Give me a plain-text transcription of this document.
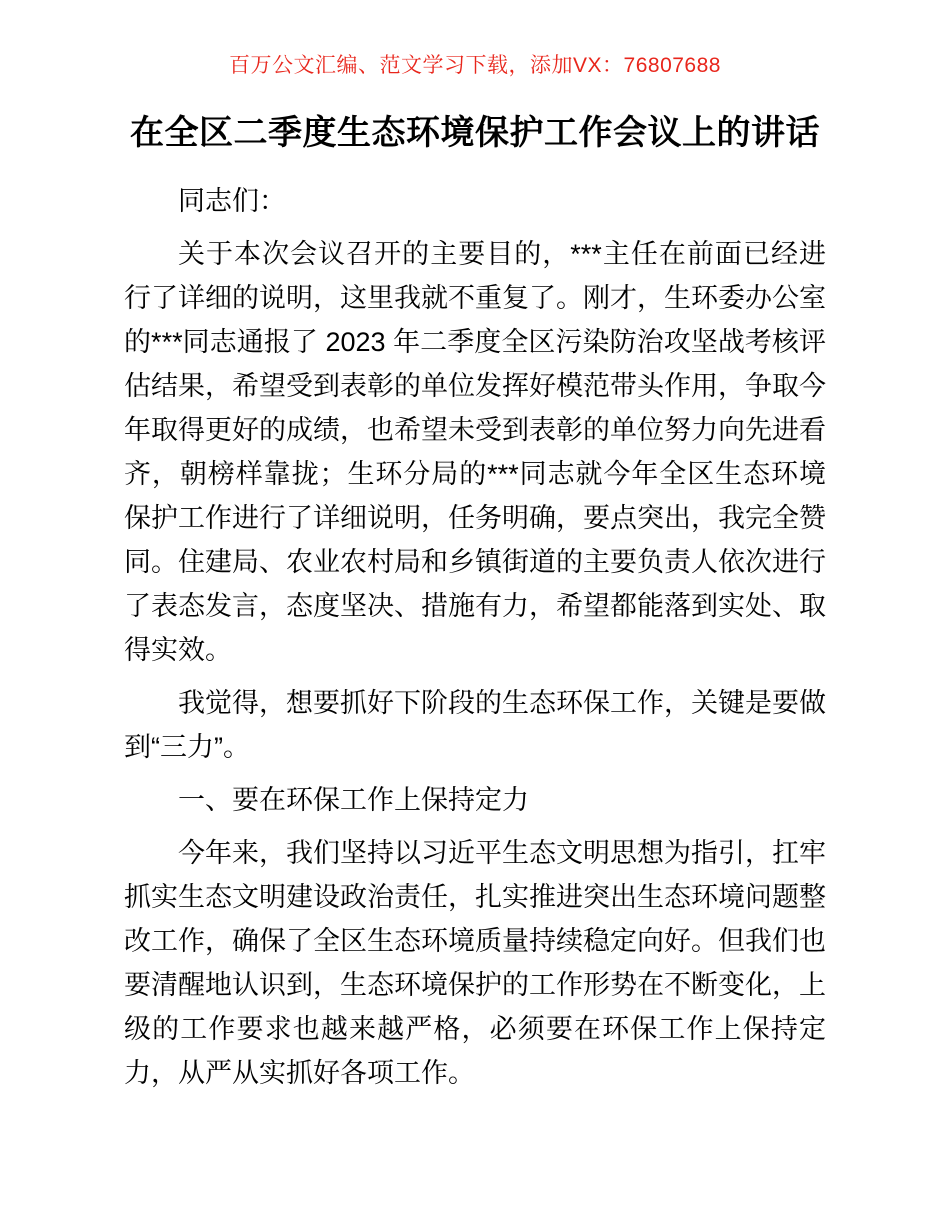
百万公文汇编、范文学习下载，添加VX：76807688
在全区二季度生态环境保护工作会议上的讲话

同志们：

关于本次会议召开的主要目的，***主任在前面已经进行了详细的说明，这里我就不重复了。刚才，生环委办公室的***同志通报了 2023 年二季度全区污染防治攻坚战考核评估结果，希望受到表彰的单位发挥好模范带头作用，争取今年取得更好的成绩，也希望未受到表彰的单位努力向先进看齐，朝榜样靠拢；生环分局的***同志就今年全区生态环境保护工作进行了详细说明，任务明确，要点突出，我完全赞同。住建局、农业农村局和乡镇街道的主要负责人依次进行了表态发言，态度坚决、措施有力，希望都能落到实处、取得实效。

我觉得，想要抓好下阶段的生态环保工作，关键是要做到“三力”。

一、要在环保工作上保持定力

今年来，我们坚持以习近平生态文明思想为指引，扛牢抓实生态文明建设政治责任，扎实推进突出生态环境问题整改工作，确保了全区生态环境质量持续稳定向好。但我们也要清醒地认识到，生态环境保护的工作形势在不断变化，上级的工作要求也越来越严格，必须要在环保工作上保持定力，从严从实抓好各项工作。
